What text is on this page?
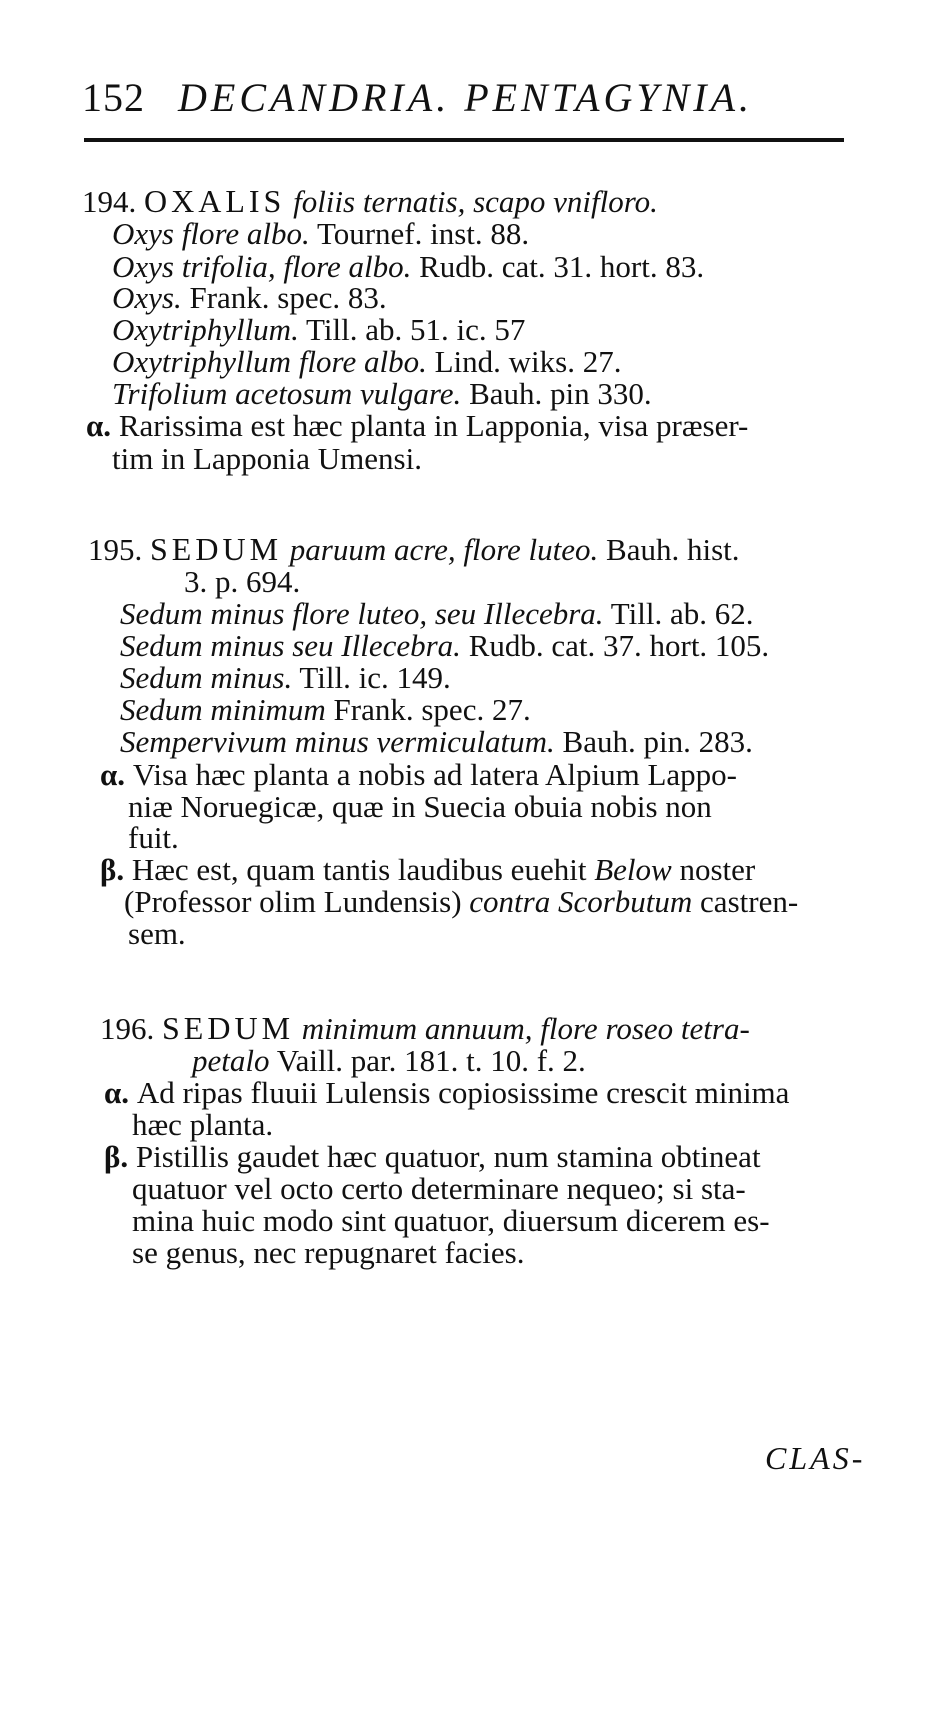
152 DECANDRIA. PENTAGYNIA.
194. OXALIS foliis ternatis, scapo vnifloro.
Oxys flore albo. Tournef. inst. 88.
Oxys trifolia, flore albo. Rudb. cat. 31. hort. 83.
Oxys. Frank. spec. 83.
Oxytriphyllum. Till. ab. 51. ic. 57
Oxytriphyllum flore albo. Lind. wiks. 27.
Trifolium acetosum vulgare. Bauh. pin 330.
α. Rarissima est hæc planta in Lapponia, visa præser-
tim in Lapponia Umensi.
195. SEDUM paruum acre, flore luteo. Bauh. hist.
3. p. 694.
Sedum minus flore luteo, seu Illecebra. Till. ab. 62.
Sedum minus seu Illecebra. Rudb. cat. 37. hort. 105.
Sedum minus. Till. ic. 149.
Sedum minimum Frank. spec. 27.
Sempervivum minus vermiculatum. Bauh. pin. 283.
α. Visa hæc planta a nobis ad latera Alpium Lappo-
niæ Noruegicæ, quæ in Suecia obuia nobis non
fuit.
β. Hæc est, quam tantis laudibus euehit Below noster
(Professor olim Lundensis) contra Scorbutum castren-
sem.
196. SEDUM minimum annuum, flore roseo tetra-
petalo Vaill. par. 181. t. 10. f. 2.
α. Ad ripas fluuii Lulensis copiosissime crescit minima
hæc planta.
β. Pistillis gaudet hæc quatuor, num stamina obtineat
quatuor vel octo certo determinare nequeo; si sta-
mina huic modo sint quatuor, diuersum dicerem es-
se genus, nec repugnaret facies.
CLAS-
